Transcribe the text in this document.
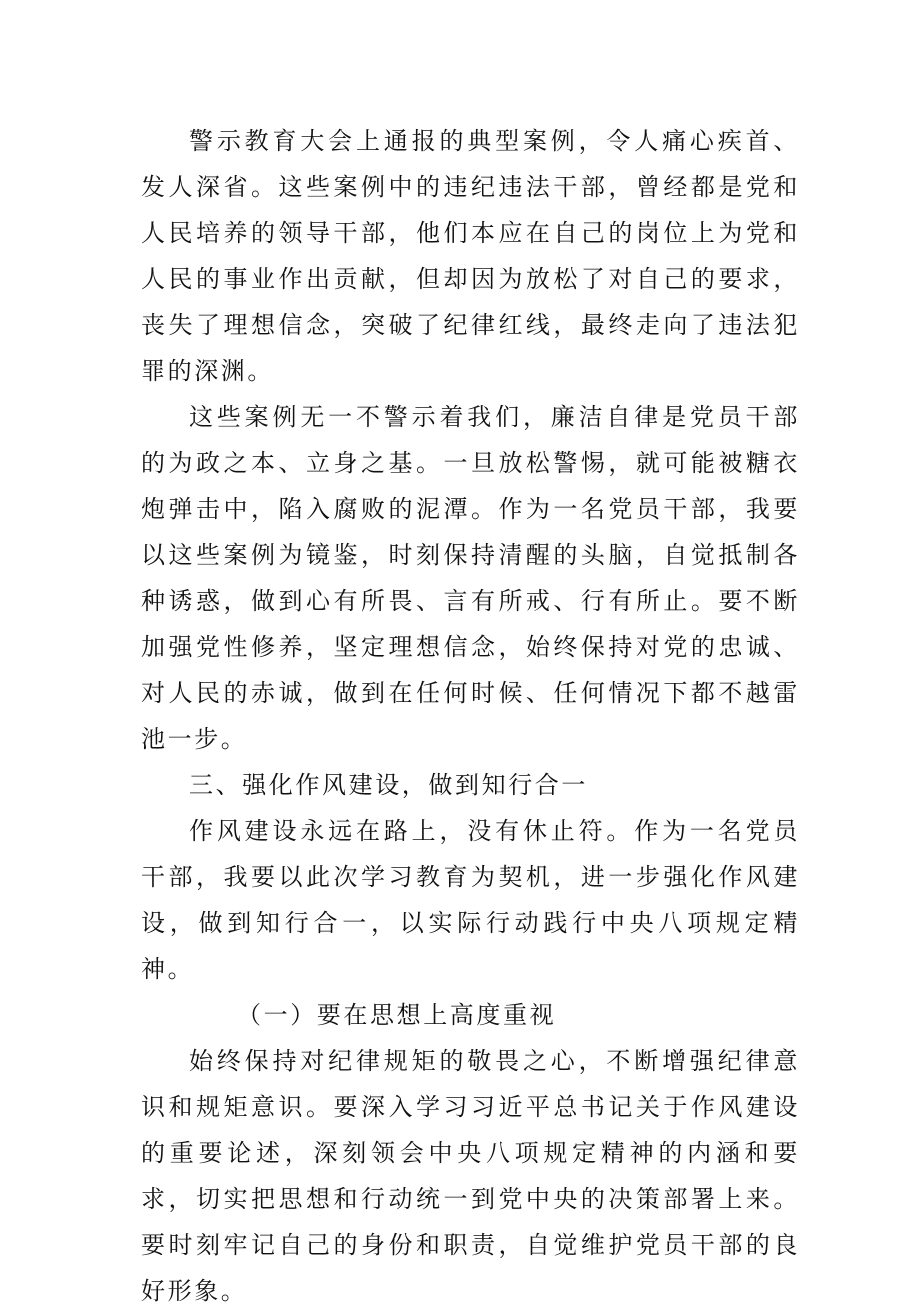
警示教育大会上通报的典型案例，令人痛心疾首、发人深省。这些案例中的违纪违法干部，曾经都是党和人民培养的领导干部，他们本应在自己的岗位上为党和人民的事业作出贡献，但却因为放松了对自己的要求，丧失了理想信念，突破了纪律红线，最终走向了违法犯罪的深渊。

这些案例无一不警示着我们，廉洁自律是党员干部的为政之本、立身之基。一旦放松警惕，就可能被糖衣炮弹击中，陷入腐败的泥潭。作为一名党员干部，我要以这些案例为镜鉴，时刻保持清醒的头脑，自觉抵制各种诱惑，做到心有所畏、言有所戒、行有所止。要不断加强党性修养，坚定理想信念，始终保持对党的忠诚、对人民的赤诚，做到在任何时候、任何情况下都不越雷池一步。

三、强化作风建设，做到知行合一

作风建设永远在路上，没有休止符。作为一名党员干部，我要以此次学习教育为契机，进一步强化作风建设，做到知行合一，以实际行动践行中央八项规定精神。

（一）要在思想上高度重视

始终保持对纪律规矩的敬畏之心，不断增强纪律意识和规矩意识。要深入学习习近平总书记关于作风建设的重要论述，深刻领会中央八项规定精神的内涵和要求，切实把思想和行动统一到党中央的决策部署上来。要时刻牢记自己的身份和职责，自觉维护党员干部的良好形象。
